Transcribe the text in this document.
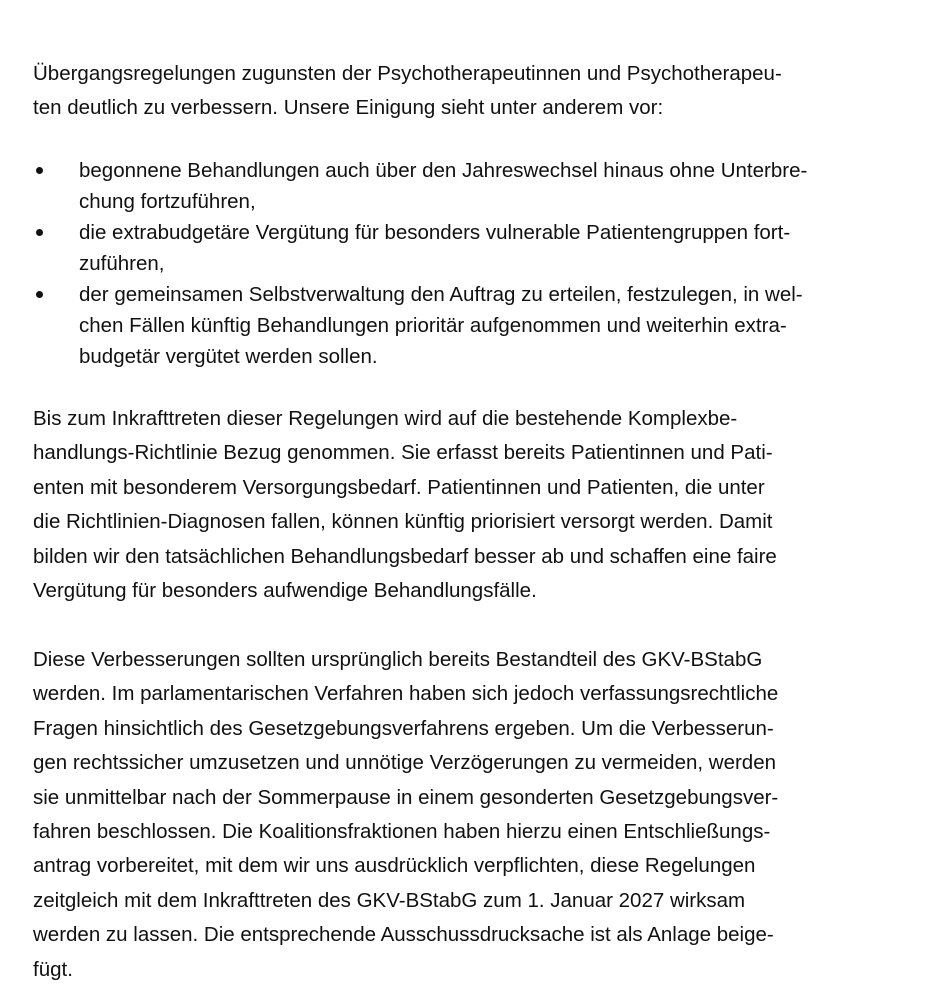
Übergangsregelungen zugunsten der Psychotherapeutinnen und Psychotherapeu-
ten deutlich zu verbessern. Unsere Einigung sieht unter anderem vor:
begonnene Behandlungen auch über den Jahreswechsel hinaus ohne Unterbre-
chung fortzuführen,
die extrabudgetäre Vergütung für besonders vulnerable Patientengruppen fort-
zuführen,
der gemeinsamen Selbstverwaltung den Auftrag zu erteilen, festzulegen, in wel-
chen Fällen künftig Behandlungen prioritär aufgenommen und weiterhin extra-
budgetär vergütet werden sollen.
Bis zum Inkrafttreten dieser Regelungen wird auf die bestehende Komplexbe-
handlungs-Richtlinie Bezug genommen. Sie erfasst bereits Patientinnen und Pati-
enten mit besonderem Versorgungsbedarf. Patientinnen und Patienten, die unter
die Richtlinien-Diagnosen fallen, können künftig priorisiert versorgt werden. Damit
bilden wir den tatsächlichen Behandlungsbedarf besser ab und schaffen eine faire
Vergütung für besonders aufwendige Behandlungsfälle.
Diese Verbesserungen sollten ursprünglich bereits Bestandteil des GKV-BStabG
werden. Im parlamentarischen Verfahren haben sich jedoch verfassungsrechtliche
Fragen hinsichtlich des Gesetzgebungsverfahrens ergeben. Um die Verbesserun-
gen rechtssicher umzusetzen und unnötige Verzögerungen zu vermeiden, werden
sie unmittelbar nach der Sommerpause in einem gesonderten Gesetzgebungsver-
fahren beschlossen. Die Koalitionsfraktionen haben hierzu einen Entschließungs-
antrag vorbereitet, mit dem wir uns ausdrücklich verpflichten, diese Regelungen
zeitgleich mit dem Inkrafttreten des GKV-BStabG zum 1. Januar 2027 wirksam
werden zu lassen. Die entsprechende Ausschussdrucksache ist als Anlage beige-
fügt.
